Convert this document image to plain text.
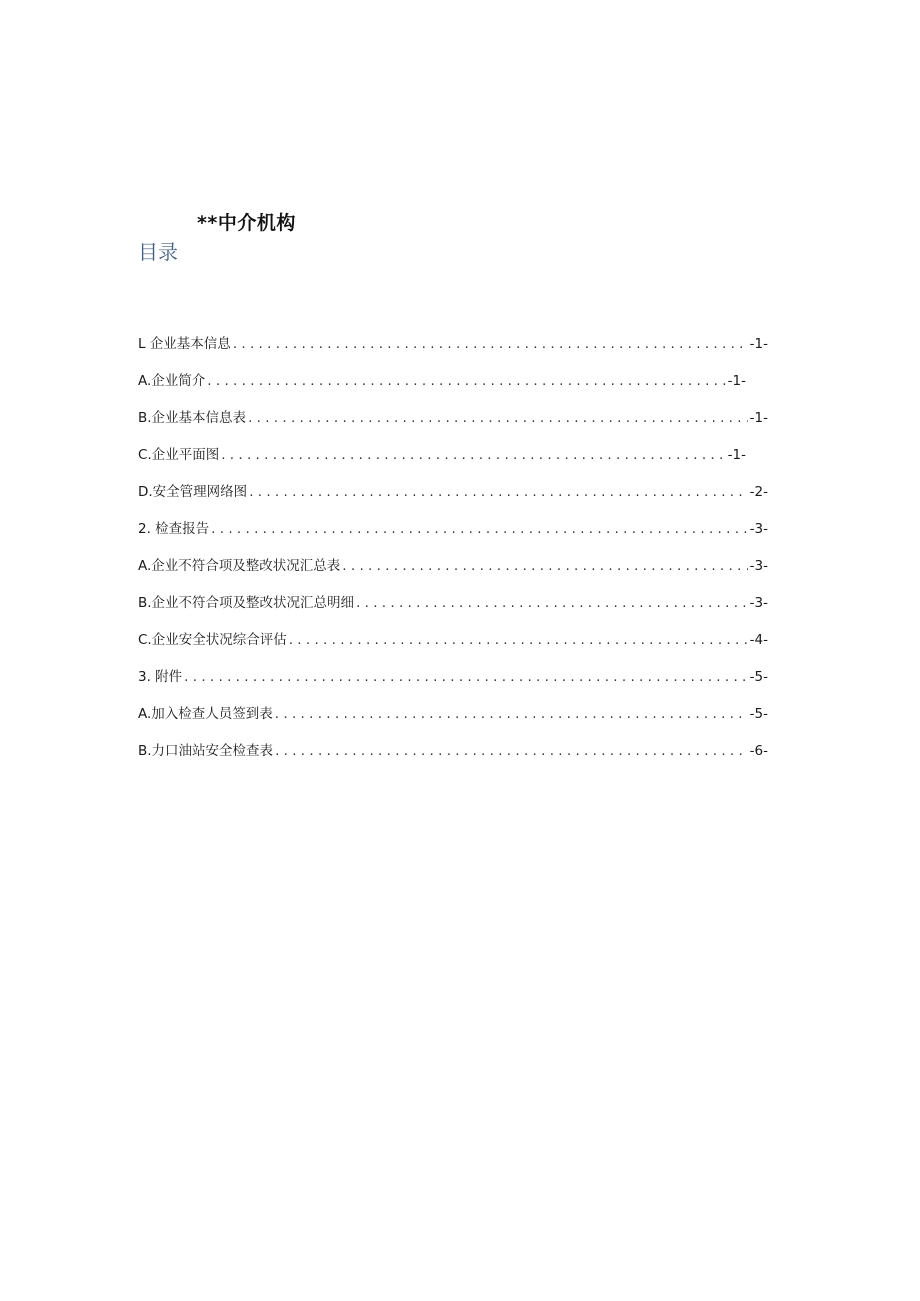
**中介机构
目录
L 企业基本信息 . . .	-1-
A.企业简介 . . .	-1-
B.企业基本信息表 . . .	-1-
C.企业平面图 . . .	-1-
D.安全管理网络图 . . .	-2-
2. 检查报告 . . .	-3-
A.企业不符合项及整改状况汇总表 . . .	-3-
B.企业不符合项及整改状况汇总明细 . . .	-3-
C.企业安全状况综合评估 . . .	-4-
3. 附件 . . .	-5-
A.加入检查人员签到表 . . .	-5-
B.力口油站安全检查表 . . .	-6-
